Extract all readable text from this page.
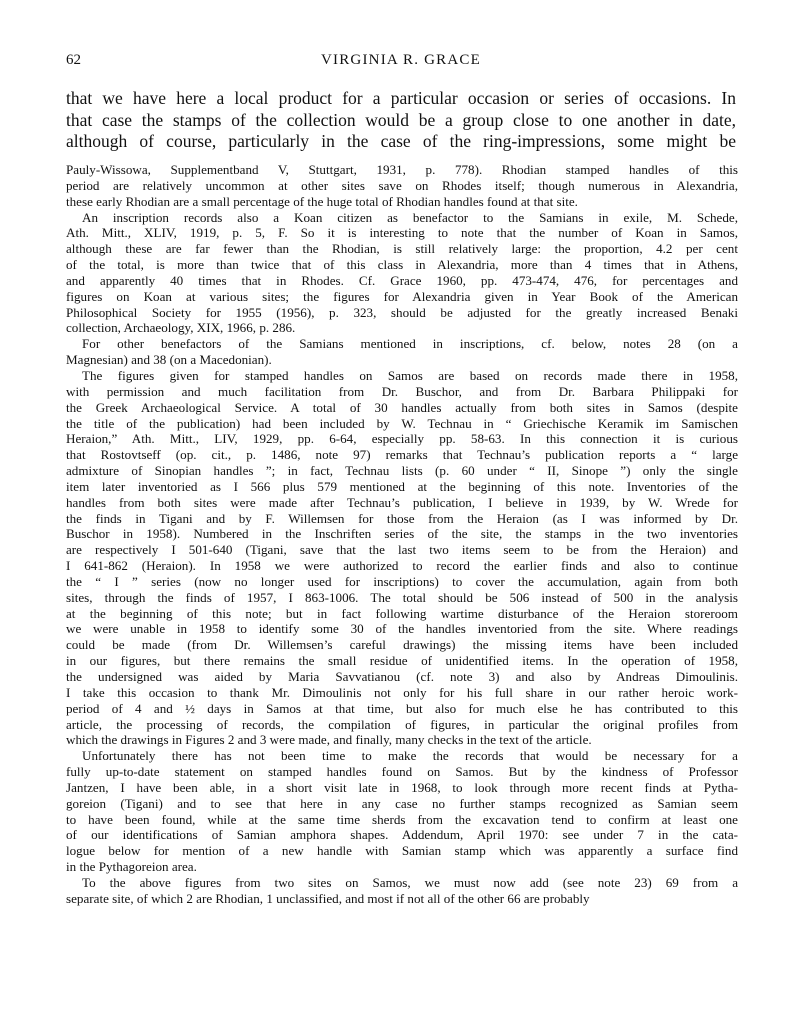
62	VIRGINIA R. GRACE
that we have here a local product for a particular occasion or series of occasions. In
that case the stamps of the collection would be a group close to one another in date,
although of course, particularly in the case of the ring-impressions, some might be

Pauly-Wissowa, Supplementband V, Stuttgart, 1931, p. 778). Rhodian stamped handles of this
period are relatively uncommon at other sites save on Rhodes itself; though numerous in Alexandria,
these early Rhodian are a small percentage of the huge total of Rhodian handles found at that site.

An inscription records also a Koan citizen as benefactor to the Samians in exile, M. Schede,
Ath. Mitt., XLIV, 1919, p. 5, F. So it is interesting to note that the number of Koan in Samos,
although these are far fewer than the Rhodian, is still relatively large: the proportion, 4.2 per cent
of the total, is more than twice that of this class in Alexandria, more than 4 times that in Athens,
and apparently 40 times that in Rhodes. Cf. Grace 1960, pp. 473-474, 476, for percentages and
figures on Koan at various sites; the figures for Alexandria given in Year Book of the American
Philosophical Society for 1955 (1956), p. 323, should be adjusted for the greatly increased Benaki
collection, Archaeology, XIX, 1966, p. 286.

For other benefactors of the Samians mentioned in inscriptions, cf. below, notes 28 (on a
Magnesian) and 38 (on a Macedonian).

The figures given for stamped handles on Samos are based on records made there in 1958,
with permission and much facilitation from Dr. Buschor, and from Dr. Barbara Philippaki for
the Greek Archaeological Service. A total of 30 handles actually from both sites in Samos (despite
the title of the publication) had been included by W. Technau in “ Griechische Keramik im Samischen
Heraion,” Ath. Mitt., LIV, 1929, pp. 6-64, especially pp. 58-63. In this connection it is curious
that Rostovtseff (op. cit., p. 1486, note 97) remarks that Technau’s publication reports a “ large
admixture of Sinopian handles ”; in fact, Technau lists (p. 60 under “ II, Sinope ”) only the single
item later inventoried as I 566 plus 579 mentioned at the beginning of this note. Inventories of the
handles from both sites were made after Technau’s publication, I believe in 1939, by W. Wrede for
the finds in Tigani and by F. Willemsen for those from the Heraion (as I was informed by Dr.
Buschor in 1958). Numbered in the Inschriften series of the site, the stamps in the two inventories
are respectively I 501-640 (Tigani, save that the last two items seem to be from the Heraion) and
I 641-862 (Heraion). In 1958 we were authorized to record the earlier finds and also to continue
the “ I ” series (now no longer used for inscriptions) to cover the accumulation, again from both
sites, through the finds of 1957, I 863-1006. The total should be 506 instead of 500 in the analysis
at the beginning of this note; but in fact following wartime disturbance of the Heraion storeroom
we were unable in 1958 to identify some 30 of the handles inventoried from the site. Where readings
could be made (from Dr. Willemsen’s careful drawings) the missing items have been included
in our figures, but there remains the small residue of unidentified items. In the operation of 1958,
the undersigned was aided by Maria Savvatianou (cf. note 3) and also by Andreas Dimoulinis.
I take this occasion to thank Mr. Dimoulinis not only for his full share in our rather heroic work-
period of 4 and ½ days in Samos at that time, but also for much else he has contributed to this
article, the processing of records, the compilation of figures, in particular the original profiles from
which the drawings in Figures 2 and 3 were made, and finally, many checks in the text of the article.

Unfortunately there has not been time to make the records that would be necessary for a
fully up-to-date statement on stamped handles found on Samos. But by the kindness of Professor
Jantzen, I have been able, in a short visit late in 1968, to look through more recent finds at Pytha-
goreion (Tigani) and to see that here in any case no further stamps recognized as Samian seem
to have been found, while at the same time sherds from the excavation tend to confirm at least one
of our identifications of Samian amphora shapes. Addendum, April 1970: see under 7 in the cata-
logue below for mention of a new handle with Samian stamp which was apparently a surface find
in the Pythagoreion area.

To the above figures from two sites on Samos, we must now add (see note 23) 69 from a
separate site, of which 2 are Rhodian, 1 unclassified, and most if not all of the other 66 are probably
